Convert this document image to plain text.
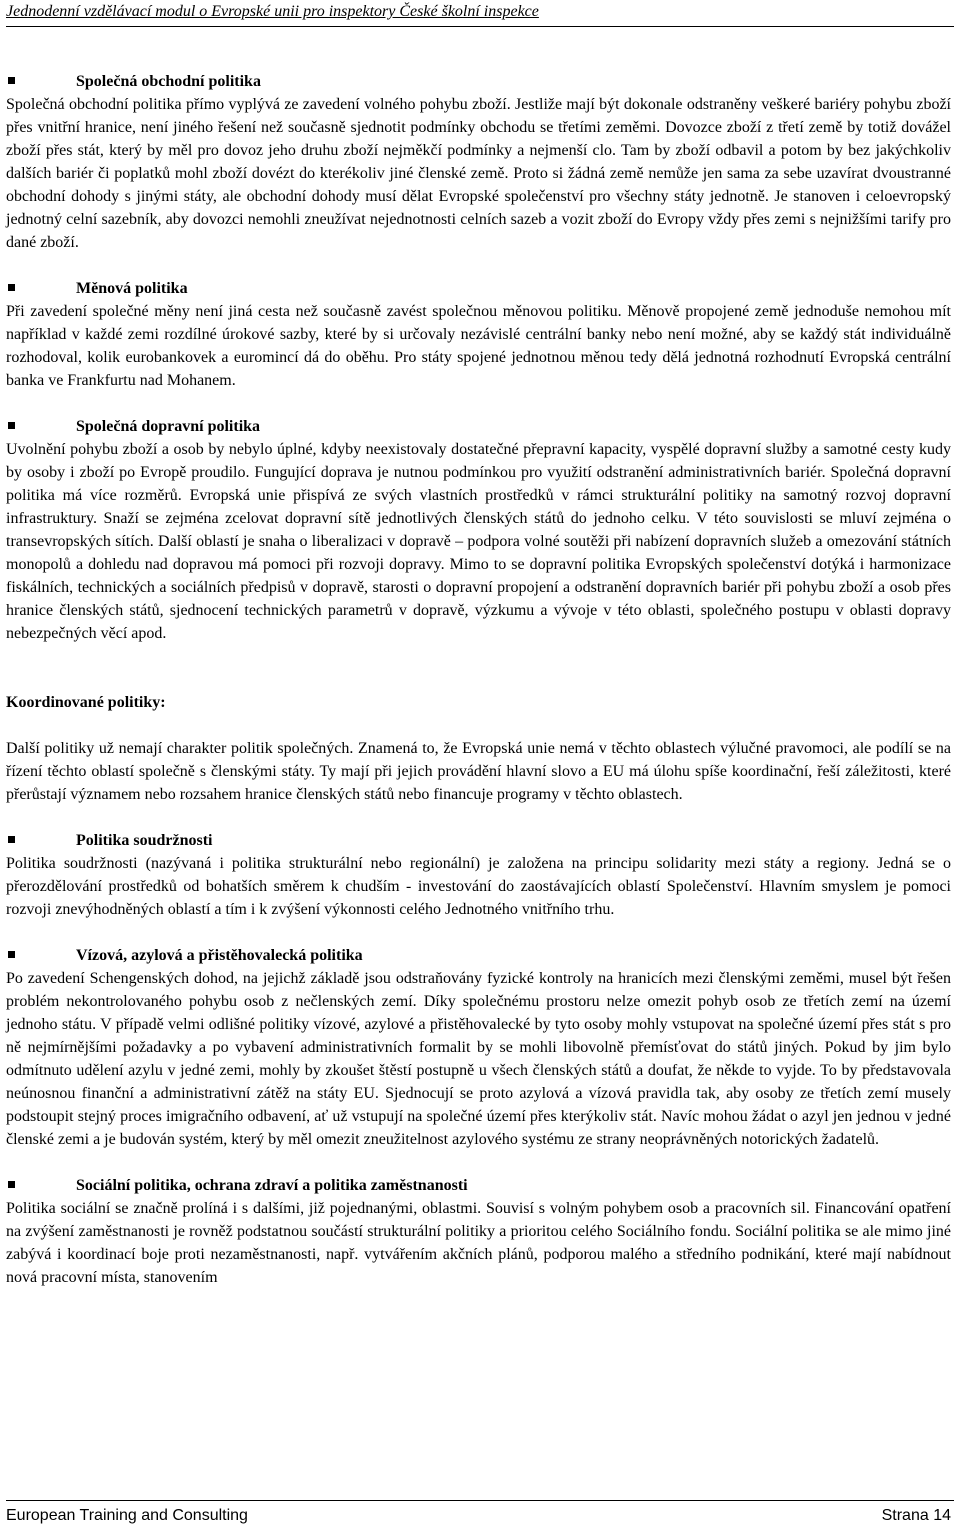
Jednodenní vzdělávací modul o Evropské unii pro inspektory České školní inspekce
Společná obchodní politika

Společná obchodní politika přímo vyplývá ze zavedení volného pohybu zboží. Jestliže mají být dokonale odstraněny veškeré bariéry pohybu zboží přes vnitřní hranice, není jiného řešení než současně sjednotit podmínky obchodu se třetími zeměmi. Dovozce zboží z třetí země by totiž dovážel zboží přes stát, který by měl pro dovoz jeho druhu zboží nejměkčí podmínky a nejmenší clo. Tam by zboží odbavil a potom by bez jakýchkoliv dalších bariér či poplatků mohl zboží dovézt do kterékoliv jiné členské země. Proto si žádná země nemůže jen sama za sebe uzavírat dvoustranné obchodní dohody s jinými státy, ale obchodní dohody musí dělat Evropské společenství pro všechny státy jednotně. Je stanoven i celoevropský jednotný celní sazebník, aby dovozci nemohli zneužívat nejednotnosti celních sazeb a vozit zboží do Evropy vždy přes zemi s nejnižšími tarify pro dané zboží.

Měnová politika

Při zavedení společné měny není jiná cesta než současně zavést společnou měnovou politiku. Měnově propojené země jednoduše nemohou mít například v každé zemi rozdílné úrokové sazby, které by si určovaly nezávislé centrální banky nebo není možné, aby se každý stát individuálně rozhodoval, kolik eurobankovek a euromincí dá do oběhu. Pro státy spojené jednotnou měnou tedy dělá jednotná rozhodnutí Evropská centrální banka ve Frankfurtu nad Mohanem.

Společná dopravní politika

Uvolnění pohybu zboží a osob by nebylo úplné, kdyby neexistovaly dostatečné přepravní kapacity, vyspělé dopravní služby a samotné cesty kudy by osoby i zboží po Evropě proudilo. Fungující doprava je nutnou podmínkou pro využití odstranění administrativních bariér. Společná dopravní politika má více rozměrů. Evropská unie přispívá ze svých vlastních prostředků v rámci strukturální politiky na samotný rozvoj dopravní infrastruktury. Snaží se zejména zcelovat dopravní sítě jednotlivých členských států do jednoho celku. V této souvislosti se mluví zejména o transevropských sítích. Další oblastí je snaha o liberalizaci v dopravě – podpora volné soutěži při nabízení dopravních služeb a omezování státních monopolů a dohledu nad dopravou má pomoci při rozvoji dopravy. Mimo to se dopravní politika Evropských společenství dotýká i harmonizace fiskálních, technických a sociálních předpisů v dopravě, starosti o dopravní propojení a odstranění dopravních bariér při pohybu zboží a osob přes hranice členských států, sjednocení technických parametrů v dopravě, výzkumu a vývoje v této oblasti, společného postupu v oblasti dopravy nebezpečných věcí apod.

Koordinované politiky:

Další politiky už nemají charakter politik společných. Znamená to, že Evropská unie nemá v těchto oblastech výlučné pravomoci, ale podílí se na řízení těchto oblastí společně s členskými státy. Ty mají při jejich provádění hlavní slovo a EU má úlohu spíše koordinační, řeší záležitosti, které přerůstají významem nebo rozsahem hranice členských států nebo financuje programy v těchto oblastech.

Politika soudržnosti

Politika soudržnosti (nazývaná i politika strukturální nebo regionální) je založena na principu solidarity mezi státy a regiony. Jedná se o přerozdělování prostředků od bohatších směrem k chudším - investování do zaostávajících oblastí Společenství. Hlavním smyslem je pomoci rozvoji znevýhodněných oblastí a tím i k zvýšení výkonnosti celého Jednotného vnitřního trhu.

Vízová, azylová a přistěhovalecká politika

Po zavedení Schengenských dohod, na jejichž základě jsou odstraňovány fyzické kontroly na hranicích mezi členskými zeměmi, musel být řešen problém nekontrolovaného pohybu osob z nečlenských zemí. Díky společnému prostoru nelze omezit pohyb osob ze třetích zemí na území jednoho státu. V případě velmi odlišné politiky vízové, azylové a přistěhovalecké by tyto osoby mohly vstupovat na společné území přes stát s pro ně nejmírnějšími požadavky a po vybavení administrativních formalit by se mohli libovolně přemísťovat do států jiných. Pokud by jim bylo odmítnuto udělení azylu v jedné zemi, mohly by zkoušet štěstí postupně u všech členských států a doufat, že někde to vyjde. To by představovala neúnosnou finanční a administrativní zátěž na státy EU. Sjednocují se proto azylová a vízová pravidla tak, aby osoby ze třetích zemí musely podstoupit stejný proces imigračního odbavení, ať už vstupují na společné území přes kterýkoliv stát. Navíc mohou žádat o azyl jen jednou v jedné členské zemi a je budován systém, který by měl omezit zneužitelnost azylového systému ze strany neoprávněných notorických žadatelů.

Sociální politika, ochrana zdraví a politika zaměstnanosti

Politika sociální se značně prolíná i s dalšími, již pojednanými, oblastmi. Souvisí s volným pohybem osob a pracovních sil. Financování opatření na zvýšení zaměstnanosti je rovněž podstatnou součástí strukturální politiky a prioritou celého Sociálního fondu. Sociální politika se ale mimo jiné zabývá i koordinací boje proti nezaměstnanosti, např. vytvářením akčních plánů, podporou malého a středního podnikání, které mají nabídnout nová pracovní místa, stanovením

European Training and Consulting	Strana 14
